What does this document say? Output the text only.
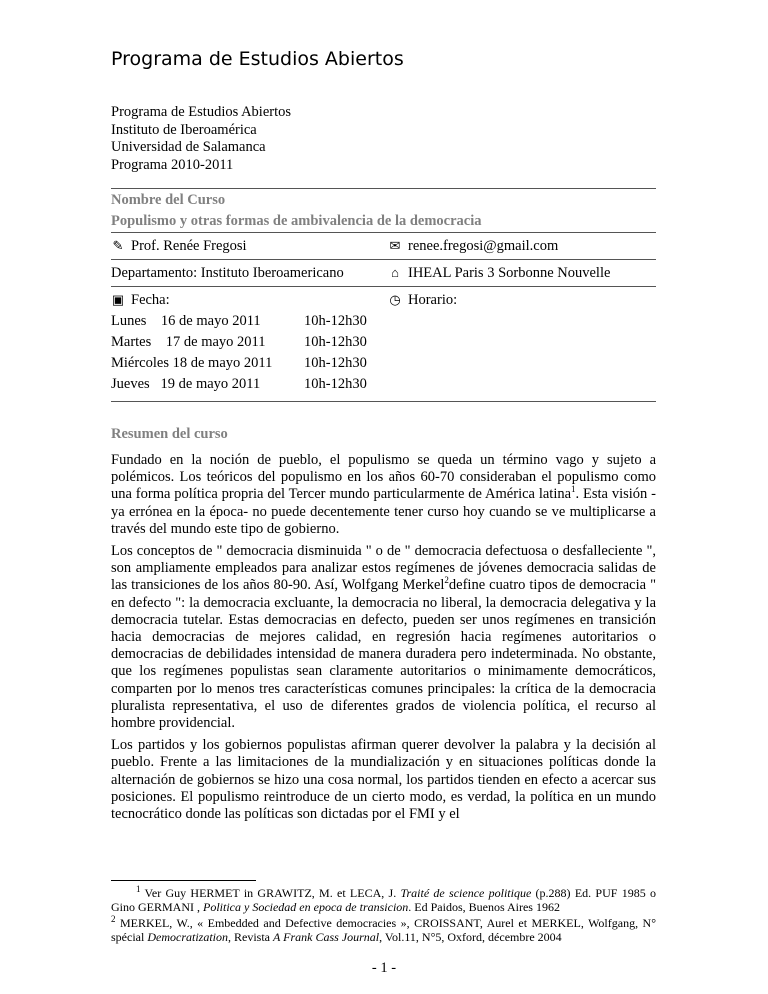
Programa de Estudios Abiertos
Programa de Estudios Abiertos
Instituto de Iberoamérica
Universidad de Salamanca
Programa 2010-2011
Nombre del Curso
Populismo y otras formas de ambivalencia de la democracia
✎ Prof. Renée Fregosi	✉ renee.fregosi@gmail.com
Departamento: Instituto Iberoamericano	⌂ IHEAL Paris 3 Sorbonne Nouvelle
▣ Fecha:	◷ Horario:
Lunes    16 de mayo 2011	10h-12h30
Martes    17 de mayo 2011	10h-12h30
Miércoles 18 de mayo 2011 10h-12h30
Jueves   19 de mayo 2011	10h-12h30
Resumen del curso

Fundado en la noción de pueblo, el populismo se queda un término vago y sujeto a polémicos. Los teóricos del populismo en los años 60-70 consideraban el populismo como una forma política propria del Tercer mundo particularmente de América latina$^1$. Esta visión - ya errónea en la época- no puede decentemente tener curso hoy cuando se ve multiplicarse a través del mundo este tipo de gobierno.

Los conceptos de " democracia disminuida " o de " democracia defectuosa o desfalleciente ", son ampliamente empleados para analizar estos regímenes de jóvenes democracia salidas de las transiciones de los años 80-90. Así, Wolfgang Merkel$^2$define cuatro tipos de democracia " en defecto ": la democracia excluante, la democracia no liberal, la democracia delegativa y la democracia tutelar. Estas democracias en defecto, pueden ser unos regímenes en transición hacia democracias de mejores calidad, en regresión hacia regímenes autoritarios o democracias de debilidades intensidad de manera duradera pero indeterminada. No obstante, que los regímenes populistas sean claramente autoritarios o minimamente democráticos, comparten por lo menos tres características comunes principales: la crítica de la democracia pluralista representativa, el uso de diferentes grados de violencia política, el recurso al hombre providencial.

Los partidos y los gobiernos populistas afirman querer devolver la palabra y la decisión al pueblo. Frente a las limitaciones de la mundialización y en situaciones políticas donde la alternación de gobiernos se hizo una cosa normal, los partidos tienden en efecto a acercar sus posiciones. El populismo reintroduce de un cierto modo, es verdad, la política en un mundo tecnocrático donde las políticas son dictadas por el FMI y el

$^1$ Ver Guy HERMET in GRAWITZ, M. et LECA, J. Traité de science politique (p.288) Ed. PUF 1985 o Gino GERMANI , Politica y Sociedad en epoca de transicion. Ed Paidos, Buenos Aires 1962

$^2$ MERKEL, W., « Embedded and Defective democracies », CROISSANT, Aurel et MERKEL, Wolfgang, N° spécial Democratization, Revista A Frank Cass Journal, Vol.11, N°5, Oxford, décembre 2004

- 1 -
